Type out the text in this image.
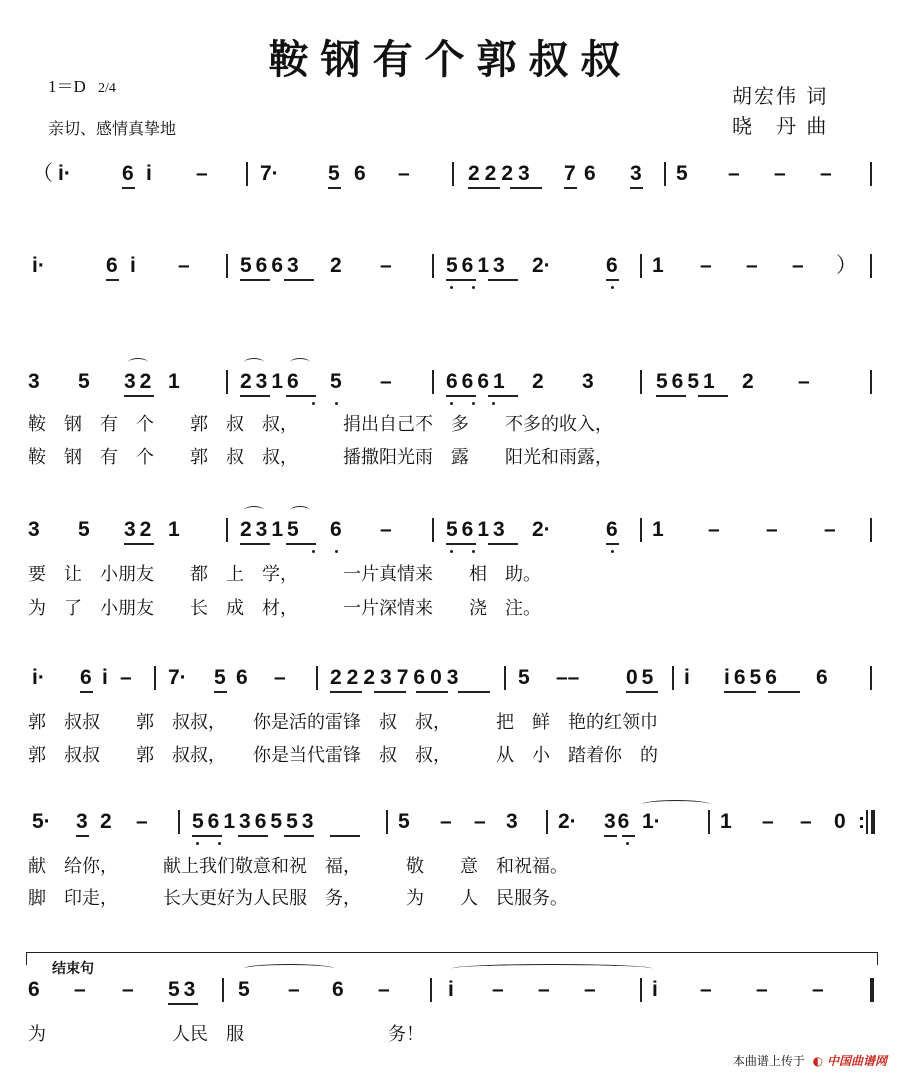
鞍钢有个郭叔叔
1＝D 2/4
亲切、感情真挚地
胡宏伟 词
晓　丹 曲
（ i· 6 i – 7· 5 6 –	2223 7 6 3 5 – – –
i·	6 i – 5663 2 –	5613 2·	6 1 – – – ）
3 5 32 1	2316 5 –	6661 2 3	5651 2 –
鞍　钢　有　个　　郭　叔　叔，　　　捐出自己不　多　　不多的收入，
鞍　钢　有　个　　郭　叔　叔，　　　播撒阳光雨　露　　阳光和雨露，
3 5 32 1	2315 6 –	5613 2·	6 1 – – –
要　让　小朋友　　都　上　学，　　　一片真情来　　相　助。
为　了　小朋友　　长　成　材，　　　一片深情来　　浇　注。
i· 6 i – 7· 5 6 – 22237603	5 –– 05 i i656 6
郭　叔叔　　郭　叔叔，　　你是活的雷锋　叔　叔，　　　把　鲜　艳的红领巾
郭　叔叔　　郭　叔叔，　　你是当代雷锋　叔　叔，　　　从　小　踏着你　的
5· 3 2 – 56136553	5 – – 3 2· 36 1·	1 – – 0 :
献　给你，　　　献上我们敬意和祝　福，　　　敬　　意　和祝福。
脚　印走，　　　长大更好为人民服　务，　　　为　　人　民服务。
结束句
6 – – 53 5 – 6 –	i – – –	i – – –
为　　　　　　　人民　服　　　　　　　　务！
本曲谱上传于 ◐ 中国曲谱网
